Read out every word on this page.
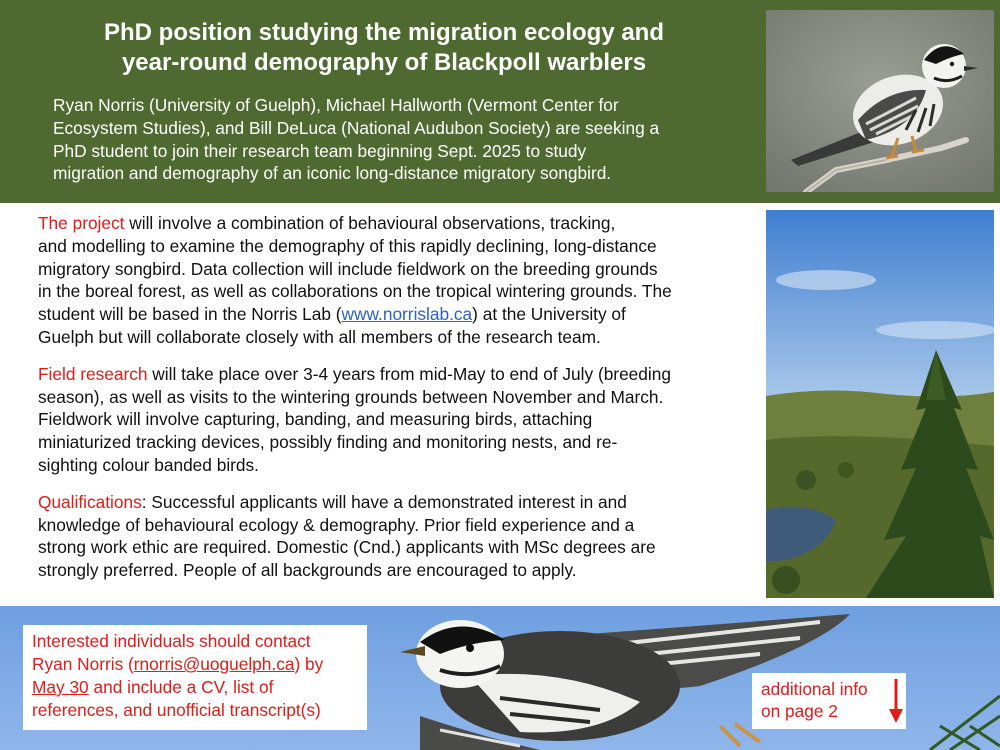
PhD position studying the migration ecology and
year-round demography of Blackpoll warblers
Ryan Norris (University of Guelph), Michael Hallworth (Vermont Center for
Ecosystem Studies), and Bill DeLuca (National Audubon Society) are seeking a
PhD student to join their research team beginning Sept. 2025 to study
migration and demography of an iconic long-distance migratory songbird.

The project will involve a combination of behavioural observations, tracking,
and modelling to examine the demography of this rapidly declining, long-distance
migratory songbird. Data collection will include fieldwork on the breeding grounds
in the boreal forest, as well as collaborations on the tropical wintering grounds. The
student will be based in the Norris Lab (www.norrislab.ca) at the University of
Guelph but will collaborate closely with all members of the research team.

Field research will take place over 3-4 years from mid-May to end of July (breeding
season), as well as visits to the wintering grounds between November and March.
Fieldwork will involve capturing, banding, and measuring birds, attaching
miniaturized tracking devices, possibly finding and monitoring nests, and re-
sighting colour banded birds.

Qualifications: Successful applicants will have a demonstrated interest in and
knowledge of behavioural ecology & demography. Prior field experience and a
strong work ethic are required. Domestic (Cnd.) applicants with MSc degrees are
strongly preferred. People of all backgrounds are encouraged to apply.

Interested individuals should contact
Ryan Norris (rnorris@uoguelph.ca) by
May 30 and include a CV, list of
references, and unofficial transcript(s)
additional info
on page 2
